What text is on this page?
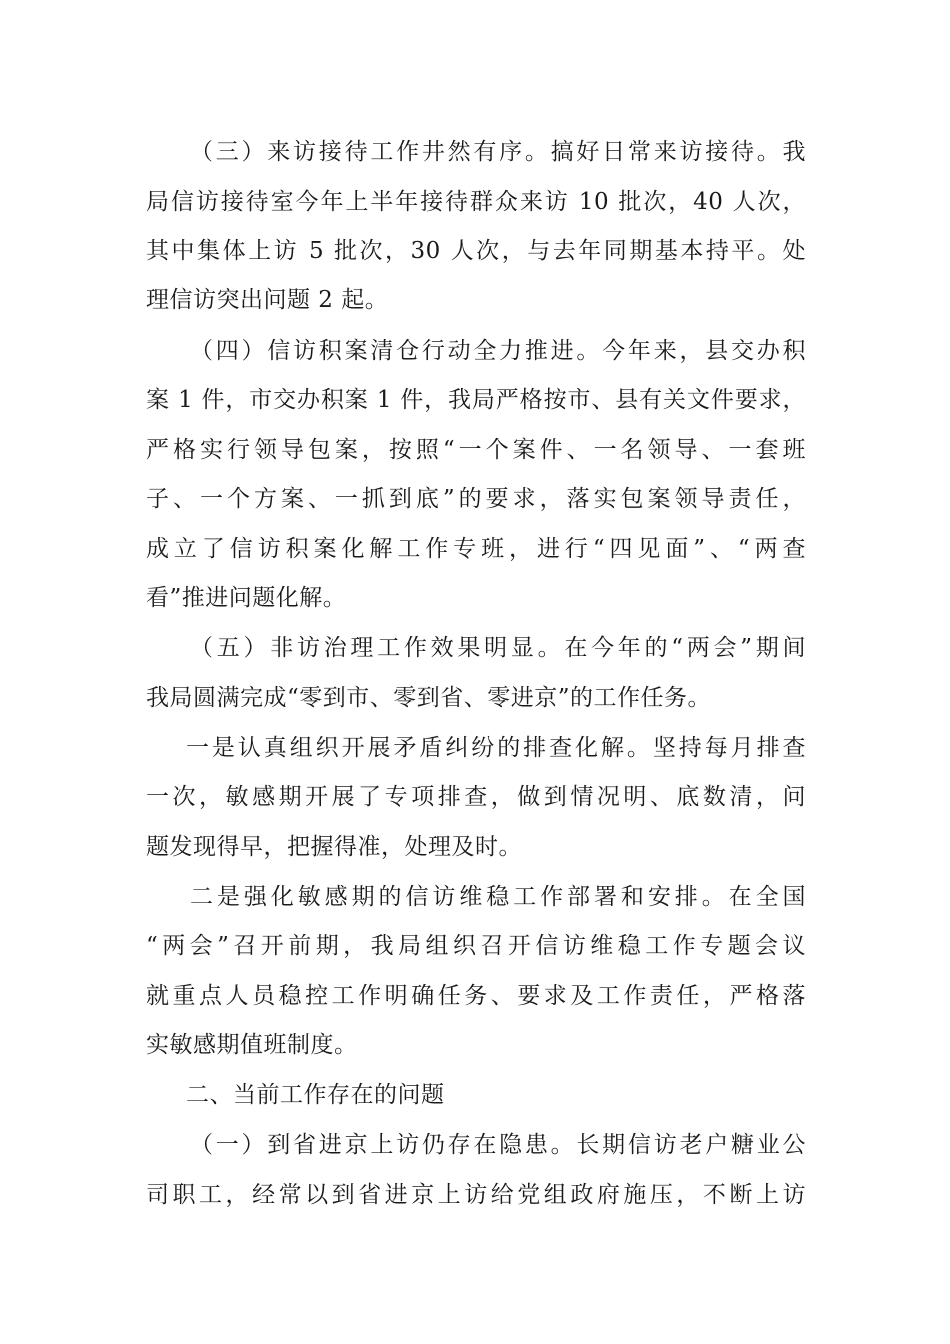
（三）来访接待工作井然有序。搞好日常来访接待。我
局信访接待室今年上半年接待群众来访 10 批次，40 人次，
其中集体上访 5 批次，30 人次，与去年同期基本持平。处
理信访突出问题 2 起。
（四）信访积案清仓行动全力推进。今年来，县交办积
案 1 件，市交办积案 1 件，我局严格按市、县有关文件要求，
严格实行领导包案，按照“一个案件、一名领导、一套班
子、一个方案、一抓到底”的要求，落实包案领导责任，
成立了信访积案化解工作专班，进行“四见面”、“两查
看”推进问题化解。
（五）非访治理工作效果明显。在今年的“两会”期间
我局圆满完成“零到市、零到省、零进京”的工作任务。
一是认真组织开展矛盾纠纷的排查化解。坚持每月排查
一次，敏感期开展了专项排查，做到情况明、底数清，问
题发现得早，把握得准，处理及时。
二是强化敏感期的信访维稳工作部署和安排。在全国
“两会”召开前期，我局组织召开信访维稳工作专题会议
就重点人员稳控工作明确任务、要求及工作责任，严格落
实敏感期值班制度。
二、当前工作存在的问题
（一）到省进京上访仍存在隐患。长期信访老户糖业公
司职工，经常以到省进京上访给党组政府施压，不断上访
